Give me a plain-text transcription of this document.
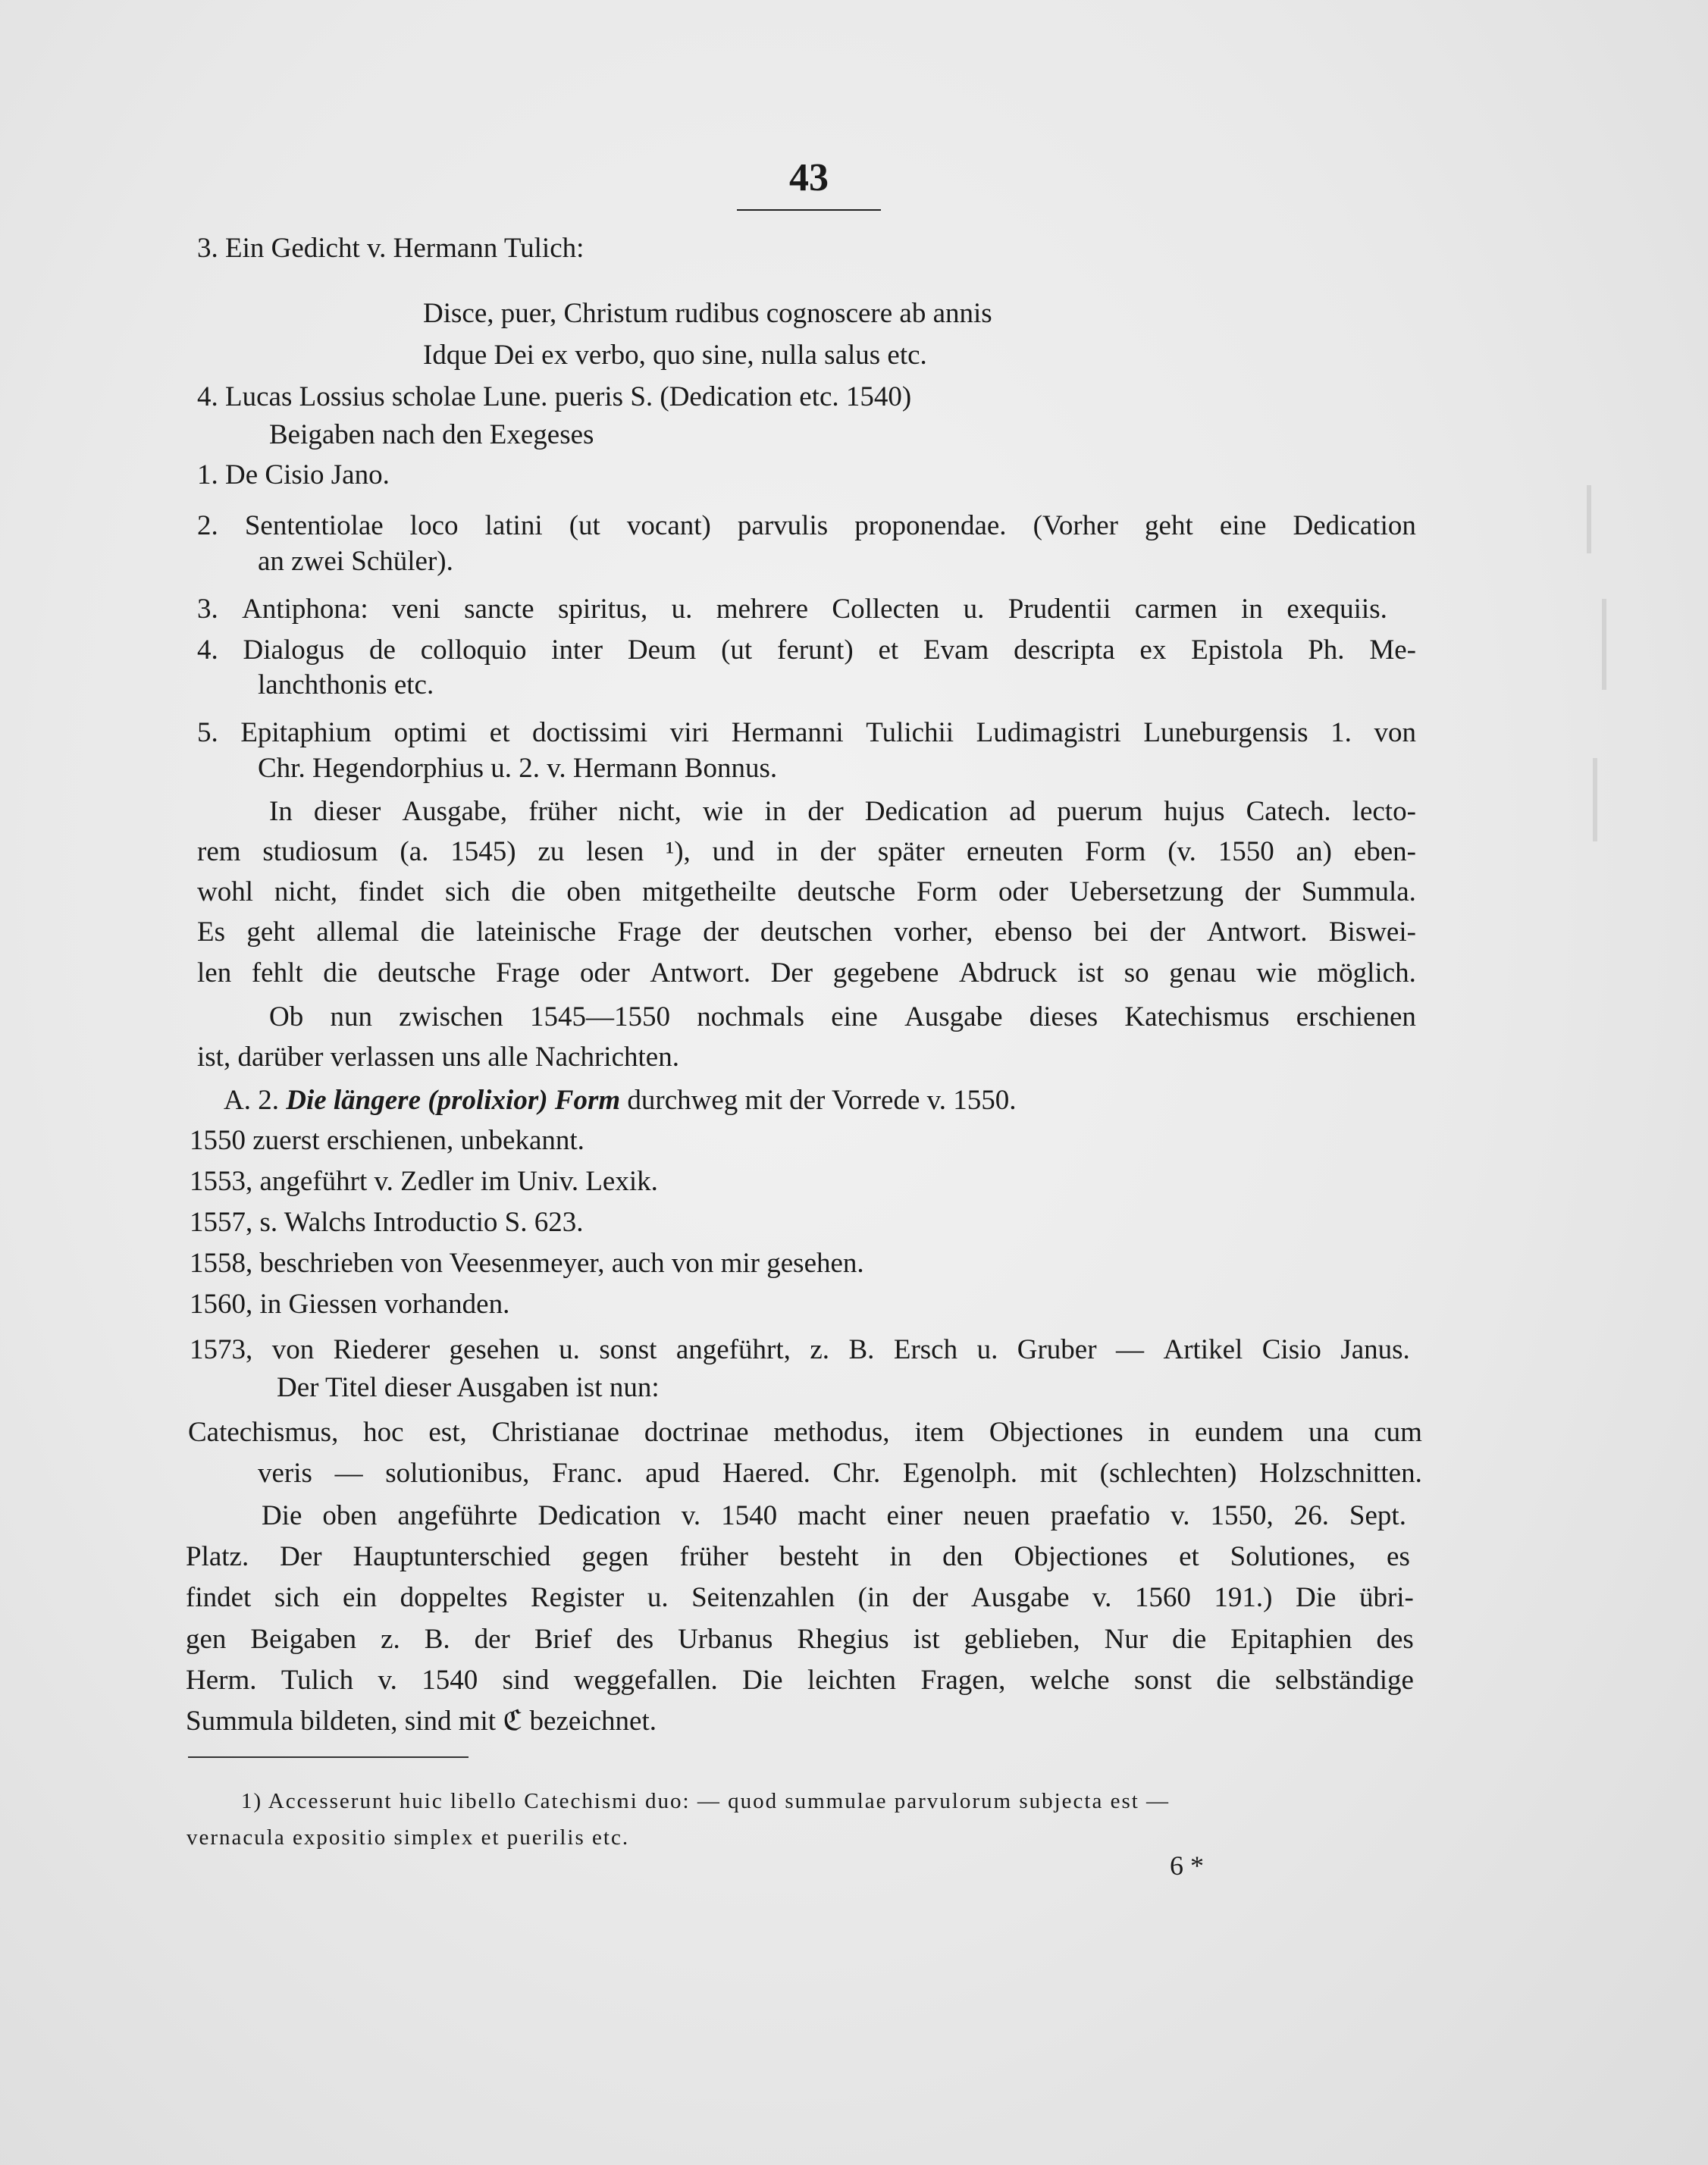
43
3. Ein Gedicht v. Hermann Tulich:
Disce, puer, Christum rudibus cognoscere ab annis
Idque Dei ex verbo, quo sine, nulla salus etc.
4. Lucas Lossius scholae Lune. pueris S. (Dedication etc. 1540)
Beigaben nach den Exegeses
1. De Cisio Jano.
2. Sententiolae loco latini (ut vocant) parvulis proponendae. (Vorher geht eine Dedication
an zwei Schüler).
3. Antiphona: veni sancte spiritus, u. mehrere Collecten u. Prudentii carmen in exequiis.
4. Dialogus de colloquio inter Deum (ut ferunt) et Evam descripta ex Epistola Ph. Me-
lanchthonis etc.
5. Epitaphium optimi et doctissimi viri Hermanni Tulichii Ludimagistri Luneburgensis 1. von
Chr. Hegendorphius u. 2. v. Hermann Bonnus.
In dieser Ausgabe, früher nicht, wie in der Dedication ad puerum hujus Catech. lecto-
rem studiosum (a. 1545) zu lesen ¹), und in der später erneuten Form (v. 1550 an) eben-
wohl nicht, findet sich die oben mitgetheilte deutsche Form oder Uebersetzung der Summula.
Es geht allemal die lateinische Frage der deutschen vorher, ebenso bei der Antwort. Biswei-
len fehlt die deutsche Frage oder Antwort. Der gegebene Abdruck ist so genau wie möglich.
Ob nun zwischen 1545—1550 nochmals eine Ausgabe dieses Katechismus erschienen
ist, darüber verlassen uns alle Nachrichten.
A. 2. Die längere (prolixior) Form durchweg mit der Vorrede v. 1550.
1550 zuerst erschienen, unbekannt.
1553, angeführt v. Zedler im Univ. Lexik.
1557, s. Walchs Introductio S. 623.
1558, beschrieben von Veesenmeyer, auch von mir gesehen.
1560, in Giessen vorhanden.
1573, von Riederer gesehen u. sonst angeführt, z. B. Ersch u. Gruber — Artikel Cisio Janus.
Der Titel dieser Ausgaben ist nun:
Catechismus, hoc est, Christianae doctrinae methodus, item Objectiones in eundem una cum
veris — solutionibus, Franc. apud Haered. Chr. Egenolph. mit (schlechten) Holzschnitten.
Die oben angeführte Dedication v. 1540 macht einer neuen praefatio v. 1550, 26. Sept.
Platz. Der Hauptunterschied gegen früher besteht in den Objectiones et Solutiones, es
findet sich ein doppeltes Register u. Seitenzahlen (in der Ausgabe v. 1560 191.) Die übri-
gen Beigaben z. B. der Brief des Urbanus Rhegius ist geblieben, Nur die Epitaphien des
Herm. Tulich v. 1540 sind weggefallen. Die leichten Fragen, welche sonst die selbständige
Summula bildeten, sind mit ℭ bezeichnet.
1) Accesserunt huic libello Catechismi duo: — quod summulae parvulorum subjecta est —
vernacula expositio simplex et puerilis etc.
6 *
